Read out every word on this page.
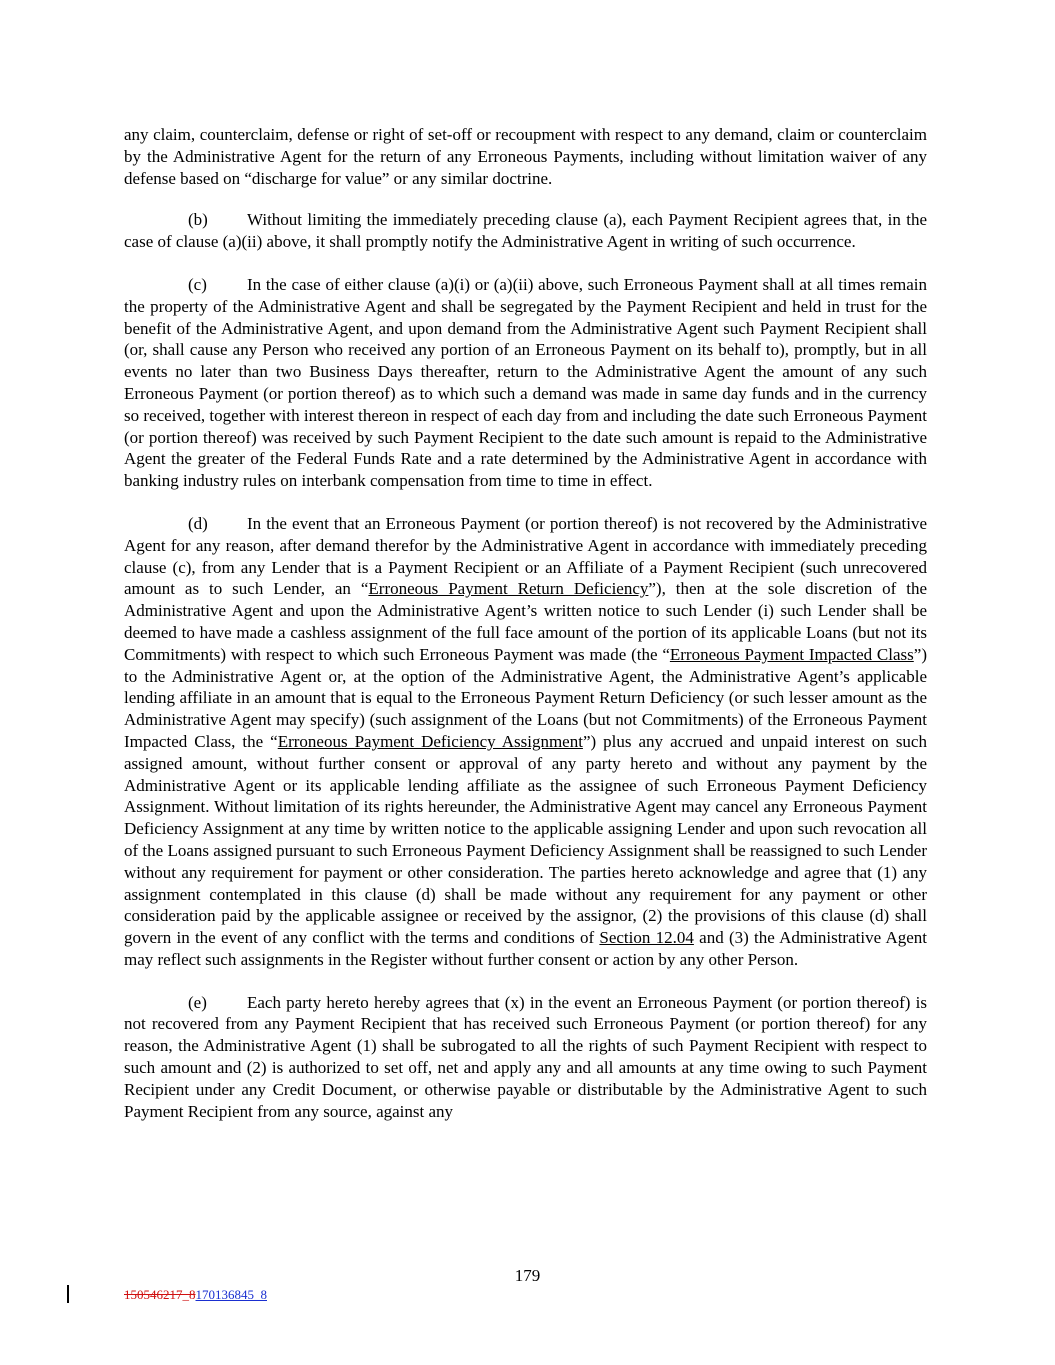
any claim, counterclaim, defense or right of set-off or recoupment with respect to any demand, claim or counterclaim by the Administrative Agent for the return of any Erroneous Payments, including without limitation waiver of any defense based on “discharge for value” or any similar doctrine.

(b) Without limiting the immediately preceding clause (a), each Payment Recipient agrees that, in the case of clause (a)(ii) above, it shall promptly notify the Administrative Agent in writing of such occurrence.

(c) In the case of either clause (a)(i) or (a)(ii) above, such Erroneous Payment shall at all times remain the property of the Administrative Agent and shall be segregated by the Payment Recipient and held in trust for the benefit of the Administrative Agent, and upon demand from the Administrative Agent such Payment Recipient shall (or, shall cause any Person who received any portion of an Erroneous Payment on its behalf to), promptly, but in all events no later than two Business Days thereafter, return to the Administrative Agent the amount of any such Erroneous Payment (or portion thereof) as to which such a demand was made in same day funds and in the currency so received, together with interest thereon in respect of each day from and including the date such Erroneous Payment (or portion thereof) was received by such Payment Recipient to the date such amount is repaid to the Administrative Agent the greater of the Federal Funds Rate and a rate determined by the Administrative Agent in accordance with banking industry rules on interbank compensation from time to time in effect.

(d) In the event that an Erroneous Payment (or portion thereof) is not recovered by the Administrative Agent for any reason, after demand therefor by the Administrative Agent in accordance with immediately preceding clause (c), from any Lender that is a Payment Recipient or an Affiliate of a Payment Recipient (such unrecovered amount as to such Lender, an “Erroneous Payment Return Deficiency”), then at the sole discretion of the Administrative Agent and upon the Administrative Agent’s written notice to such Lender (i) such Lender shall be deemed to have made a cashless assignment of the full face amount of the portion of its applicable Loans (but not its Commitments) with respect to which such Erroneous Payment was made (the “Erroneous Payment Impacted Class”) to the Administrative Agent or, at the option of the Administrative Agent, the Administrative Agent’s applicable lending affiliate in an amount that is equal to the Erroneous Payment Return Deficiency (or such lesser amount as the Administrative Agent may specify) (such assignment of the Loans (but not Commitments) of the Erroneous Payment Impacted Class, the “Erroneous Payment Deficiency Assignment”) plus any accrued and unpaid interest on such assigned amount, without further consent or approval of any party hereto and without any payment by the Administrative Agent or its applicable lending affiliate as the assignee of such Erroneous Payment Deficiency Assignment. Without limitation of its rights hereunder, the Administrative Agent may cancel any Erroneous Payment Deficiency Assignment at any time by written notice to the applicable assigning Lender and upon such revocation all of the Loans assigned pursuant to such Erroneous Payment Deficiency Assignment shall be reassigned to such Lender without any requirement for payment or other consideration. The parties hereto acknowledge and agree that (1) any assignment contemplated in this clause (d) shall be made without any requirement for any payment or other consideration paid by the applicable assignee or received by the assignor, (2) the provisions of this clause (d) shall govern in the event of any conflict with the terms and conditions of Section 12.04 and (3) the Administrative Agent may reflect such assignments in the Register without further consent or action by any other Person.

(e) Each party hereto hereby agrees that (x) in the event an Erroneous Payment (or portion thereof) is not recovered from any Payment Recipient that has received such Erroneous Payment (or portion thereof) for any reason, the Administrative Agent (1) shall be subrogated to all the rights of such Payment Recipient with respect to such amount and (2) is authorized to set off, net and apply any and all amounts at any time owing to such Payment Recipient under any Credit Document, or otherwise payable or distributable by the Administrative Agent to such Payment Recipient from any source, against any

179
150546217_8170136845_8
